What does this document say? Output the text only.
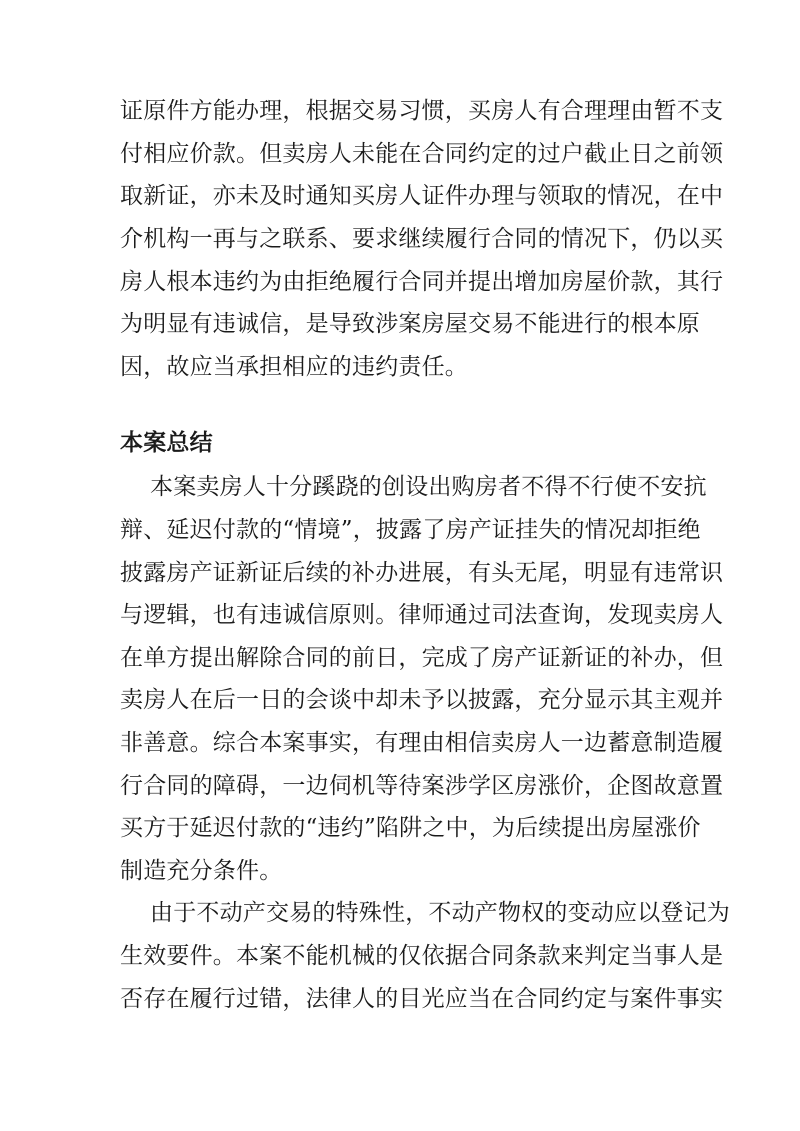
证原件方能办理，根据交易习惯，买房人有合理理由暂不支
付相应价款。但卖房人未能在合同约定的过户截止日之前领
取新证，亦未及时通知买房人证件办理与领取的情况，在中
介机构一再与之联系、要求继续履行合同的情况下，仍以买
房人根本违约为由拒绝履行合同并提出增加房屋价款，其行
为明显有违诚信，是导致涉案房屋交易不能进行的根本原
因，故应当承担相应的违约责任。
本案总结
本案卖房人十分蹊跷的创设出购房者不得不行使不安抗
辩、延迟付款的“情境”，披露了房产证挂失的情况却拒绝
披露房产证新证后续的补办进展，有头无尾，明显有违常识
与逻辑，也有违诚信原则。律师通过司法查询，发现卖房人
在单方提出解除合同的前日，完成了房产证新证的补办，但
卖房人在后一日的会谈中却未予以披露，充分显示其主观并
非善意。综合本案事实，有理由相信卖房人一边蓄意制造履
行合同的障碍，一边伺机等待案涉学区房涨价，企图故意置
买方于延迟付款的“违约”陷阱之中，为后续提出房屋涨价
制造充分条件。
由于不动产交易的特殊性，不动产物权的变动应以登记为
生效要件。本案不能机械的仅依据合同条款来判定当事人是
否存在履行过错，法律人的目光应当在合同约定与案件事实
